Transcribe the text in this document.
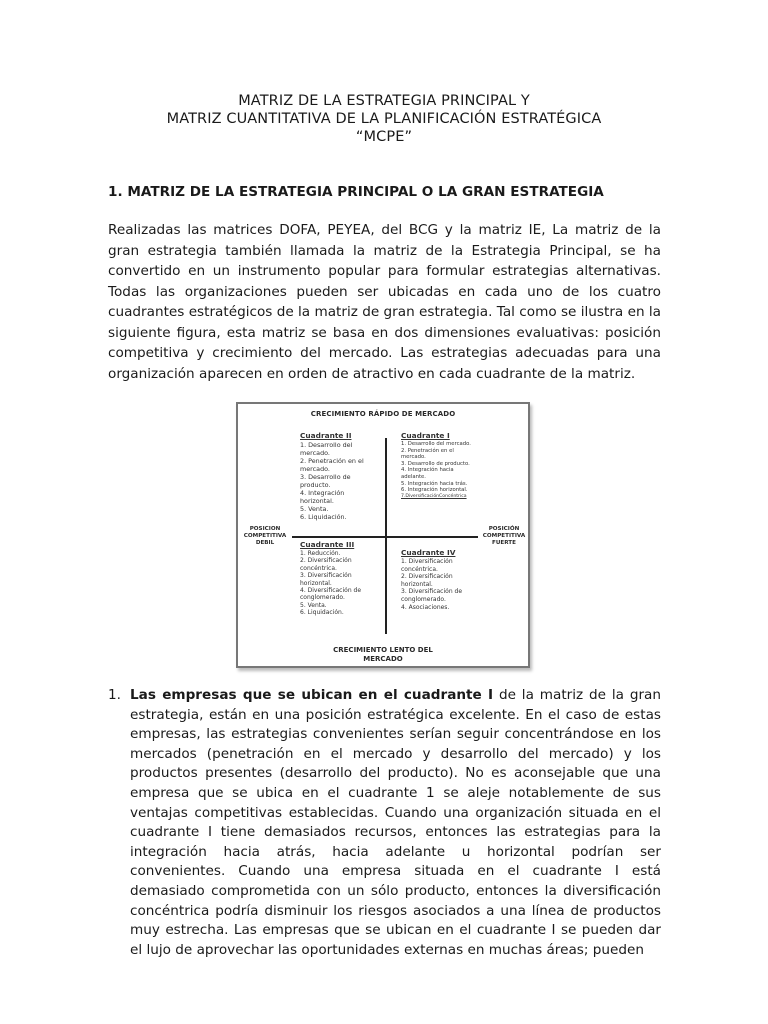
MATRIZ DE LA ESTRATEGIA PRINCIPAL Y
MATRIZ CUANTITATIVA DE LA PLANIFICACIÓN ESTRATÉGICA
“MCPE”
1. MATRIZ DE LA ESTRATEGIA PRINCIPAL O LA GRAN ESTRATEGIA

Realizadas las matrices DOFA, PEYEA, del BCG y la matriz IE, La matriz de la gran estrategia también llamada la matriz de la Estrategia Principal, se ha convertido en un instrumento popular para formular estrategias alternativas. Todas las organizaciones pueden ser ubicadas en cada uno de los cuatro cuadrantes estratégicos de la matriz de gran estrategia. Tal como se ilustra en la siguiente figura, esta matriz se basa en dos dimensiones evaluativas: posición competitiva y crecimiento del mercado. Las estrategias adecuadas para una organización aparecen en orden de atractivo en cada cuadrante de la matriz.

CRECIMIENTO RÁPIDO DE MERCADO
POSICION COMPETITIVA DEBIL
POSICIÓN COMPETITIVA FUERTE
CRECIMIENTO LENTO DEL MERCADO
Cuadrante II
1. Desarrollo del mercado.
2. Penetración en el mercado.
3. Desarrollo de producto.
4. Integración horizontal.
5. Venta.
6. Liquidación.
Cuadrante I
1. Desarrollo del mercado.
2. Penetración en el mercado.
3. Desarrollo de producto.
4. Integración hacia adelante.
5. Integración hacia trás.
6. Integración horizontal.
7.DiversificaciónConcéntrica
Cuadrante III
1. Reducción.
2. Diversificación concéntrica.
3. Diversificación horizontal.
4. Diversificación de conglomerado.
5. Venta.
6. Liquidación.
Cuadrante IV
1. Diversificación concéntrica.
2. Diversificación horizontal.
3. Diversificación de conglomerado.
4. Asociaciones.
1. Las empresas que se ubican en el cuadrante I de la matriz de la gran estrategia, están en una posición estratégica excelente. En el caso de estas empresas, las estrategias convenientes serían seguir concentrándose en los mercados (penetración en el mercado y desarrollo del mercado) y los productos presentes (desarrollo del producto). No es aconsejable que una empresa que se ubica en el cuadrante 1 se aleje notablemente de sus ventajas competitivas establecidas. Cuando una organización situada en el cuadrante I tiene demasiados recursos, entonces las estrategias para la integración hacia atrás, hacia adelante u horizontal podrían ser convenientes. Cuando una empresa situada en el cuadrante I está demasiado comprometida con un sólo producto, entonces la diversificación concéntrica podría disminuir los riesgos asociados a una línea de productos muy estrecha. Las empresas que se ubican en el cuadrante I se pueden dar el lujo de aprovechar las oportunidades externas en muchas áreas; pueden
